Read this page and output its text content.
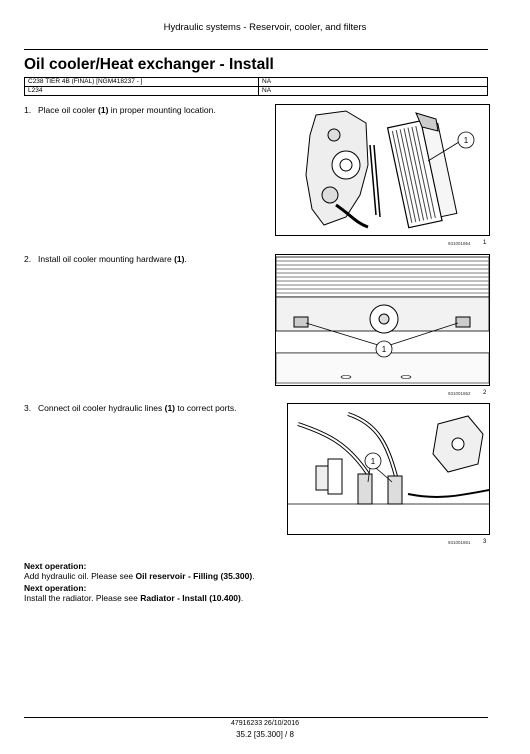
Hydraulic systems - Reservoir, cooler, and filters
Oil cooler/Heat exchanger - Install
C238 TIER 4B (FINAL) [NGM418237 - ]	NA
L234	NA
1. Place oil cooler (1) in proper mounting location.
1
931001864 1
2. Install oil cooler mounting hardware (1).
1
931001862 2
3. Connect oil cooler hydraulic lines (1) to correct ports.
1
931001861 3
Next operation:
Add hydraulic oil. Please see Oil reservoir - Filling (35.300).
Next operation:
Install the radiator. Please see Radiator - Install (10.400).
47916233 26/10/2016
35.2 [35.300] / 8
